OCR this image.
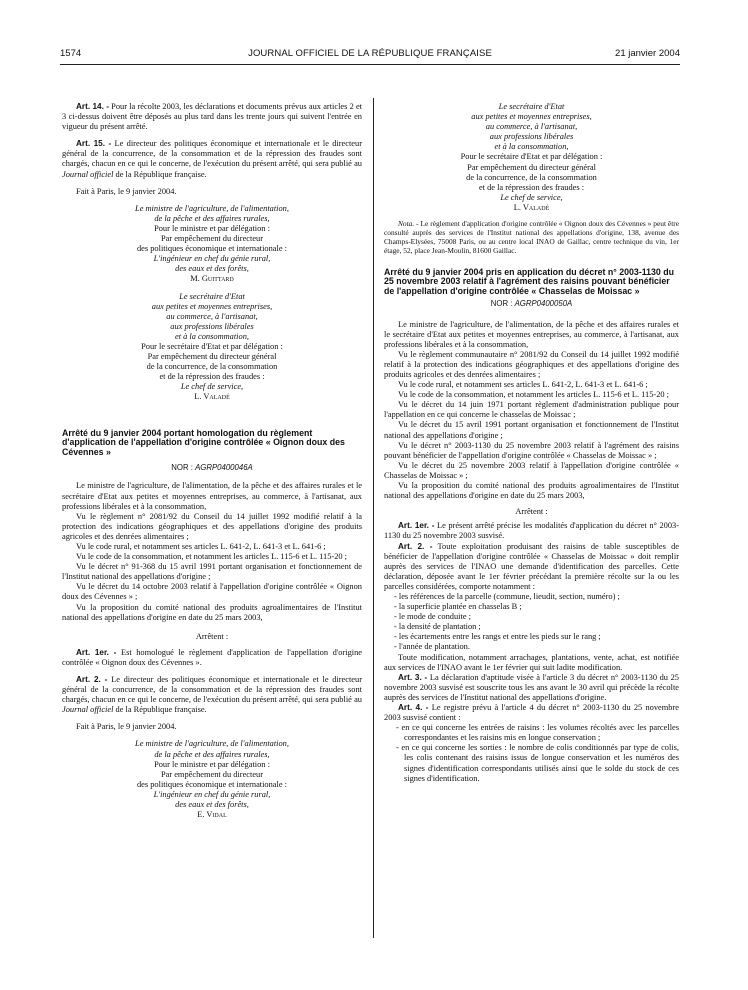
1574	JOURNAL OFFICIEL DE LA RÉPUBLIQUE FRANÇAISE	21 janvier 2004

Art. 14. - Pour la récolte 2003, les déclarations et documents prévus aux articles 2 et 3 ci-dessus doivent être déposés au plus tard dans les trente jours qui suivent l'entrée en vigueur du présent arrêté.

Art. 15. - Le directeur des politiques économique et internationale et le directeur général de la concurrence, de la consommation et de la répression des fraudes sont chargés, chacun en ce qui le concerne, de l'exécution du présent arrêté, qui sera publié au Journal officiel de la République française.

Fait à Paris, le 9 janvier 2004.

Le ministre de l'agriculture, de l'alimentation,
de la pêche et des affaires rurales,
Pour le ministre et par délégation :
Par empêchement du directeur
des politiques économique et internationale :
L'ingénieur en chef du génie rural,
des eaux et des forêts,
M. Guittard
Le secrétaire d'Etat
aux petites et moyennes entreprises,
au commerce, à l'artisanat,
aux professions libérales
et à la consommation,
Pour le secrétaire d'Etat et par délégation :
Par empêchement du directeur général
de la concurrence, de la consommation
et de la répression des fraudes :
Le chef de service,
L. Valadé
Arrêté du 9 janvier 2004 portant homologation du règlement d'application de l'appellation d'origine contrôlée « Oignon doux des Cévennes »
NOR : AGRP0400046A

Le ministre de l'agriculture, de l'alimentation, de la pêche et des affaires rurales et le secrétaire d'Etat aux petites et moyennes entreprises, au commerce, à l'artisanat, aux professions libérales et à la consommation,

Vu le règlement n° 2081/92 du Conseil du 14 juillet 1992 modifié relatif à la protection des indications géographiques et des appellations d'origine des produits agricoles et des denrées alimentaires ;

Vu le code rural, et notamment ses articles L. 641-2, L. 641-3 et L. 641-6 ;

Vu le code de la consommation, et notamment les articles L. 115-6 et L. 115-20 ;

Vu le décret n° 91-368 du 15 avril 1991 portant organisation et fonctionnement de l'Institut national des appellations d'origine ;

Vu le décret du 14 octobre 2003 relatif à l'appellation d'origine contrôlée « Oignon doux des Cévennes » ;

Vu la proposition du comité national des produits agroalimentaires de l'Institut national des appellations d'origine en date du 25 mars 2003,

Arrêtent :

Art. 1er. - Est homologué le règlement d'application de l'appellation d'origine contrôlée « Oignon doux des Cévennes ».

Art. 2. - Le directeur des politiques économique et internationale et le directeur général de la concurrence, de la consommation et de la répression des fraudes sont chargés, chacun en ce qui le concerne, de l'exécution du présent arrêté, qui sera publié au Journal officiel de la République française.

Fait à Paris, le 9 janvier 2004.

Le ministre de l'agriculture, de l'alimentation,
de la pêche et des affaires rurales,
Pour le ministre et par délégation :
Par empêchement du directeur
des politiques économique et internationale :
L'ingénieur en chef du génie rural,
des eaux et des forêts,
E. Vidal
Le secrétaire d'Etat
aux petites et moyennes entreprises,
au commerce, à l'artisanat,
aux professions libérales
et à la consommation,
Pour le secrétaire d'Etat et par délégation :
Par empêchement du directeur général
de la concurrence, de la consommation
et de la répression des fraudes :
Le chef de service,
L. Valadé

Nota. - Le règlement d'application d'origine contrôlée « Oignon doux des Cévennes » peut être consulté auprès des services de l'Institut national des appellations d'origine, 138, avenue des Champs-Elysées, 75008 Paris, ou au centre local INAO de Gaillac, centre technique du vin, 1er étage, 52, place Jean-Moulin, 81600 Gaillac.

Arrêté du 9 janvier 2004 pris en application du décret n° 2003-1130 du 25 novembre 2003 relatif à l'agrément des raisins pouvant bénéficier de l'appellation d'origine contrôlée « Chasselas de Moissac »
NOR : AGRP0400050A

Le ministre de l'agriculture, de l'alimentation, de la pêche et des affaires rurales et le secrétaire d'Etat aux petites et moyennes entreprises, au commerce, à l'artisanat, aux professions libérales et à la consommation,

Vu le règlement communautaire n° 2081/92 du Conseil du 14 juillet 1992 modifié relatif à la protection des indications géographiques et des appellations d'origine des produits agricoles et des denrées alimentaires ;

Vu le code rural, et notamment ses articles L. 641-2, L. 641-3 et L. 641-6 ;

Vu le code de la consommation, et notamment les articles L. 115-6 et L. 115-20 ;

Vu le décret du 14 juin 1971 portant règlement d'administration publique pour l'appellation en ce qui concerne le chasselas de Moissac ;

Vu le décret du 15 avril 1991 portant organisation et fonctionnement de l'Institut national des appellations d'origine ;

Vu le décret n° 2003-1130 du 25 novembre 2003 relatif à l'agrément des raisins pouvant bénéficier de l'appellation d'origine contrôlée « Chasselas de Moissac » ;

Vu le décret du 25 novembre 2003 relatif à l'appellation d'origine contrôlée « Chasselas de Moissac » ;

Vu la proposition du comité national des produits agroalimentaires de l'Institut national des appellations d'origine en date du 25 mars 2003,

Arrêtent :

Art. 1er. - Le présent arrêté précise les modalités d'application du décret n° 2003-1130 du 25 novembre 2003 susvisé.

Art. 2. - Toute exploitation produisant des raisins de table susceptibles de bénéficier de l'appellation d'origine contrôlée « Chasselas de Moissac » doit remplir auprès des services de l'INAO une demande d'identification des parcelles. Cette déclaration, déposée avant le 1er février précédant la première récolte sur la ou les parcelles considérées, comporte notamment :

- les références de la parcelle (commune, lieudit, section, numéro) ;
- la superficie plantée en chasselas B ;
- le mode de conduite ;
- la densité de plantation ;
- les écartements entre les rangs et entre les pieds sur le rang ;
- l'année de plantation.

Toute modification, notamment arrachages, plantations, vente, achat, est notifiée aux services de l'INAO avant le 1er février qui suit ladite modification.

Art. 3. - La déclaration d'aptitude visée à l'article 3 du décret n° 2003-1130 du 25 novembre 2003 susvisé est souscrite tous les ans avant le 30 avril qui précède la récolte auprès des services de l'Institut national des appellations d'origine.

Art. 4. - Le registre prévu à l'article 4 du décret n° 2003-1130 du 25 novembre 2003 susvisé contient :

- en ce qui concerne les entrées de raisins : les volumes récoltés avec les parcelles correspondantes et les raisins mis en longue conservation ;
- en ce qui concerne les sorties : le nombre de colis conditionnés par type de colis, les colis contenant des raisins issus de longue conservation et les numéros des signes d'identification correspondants utilisés ainsi que le solde du stock de ces signes d'identification.
